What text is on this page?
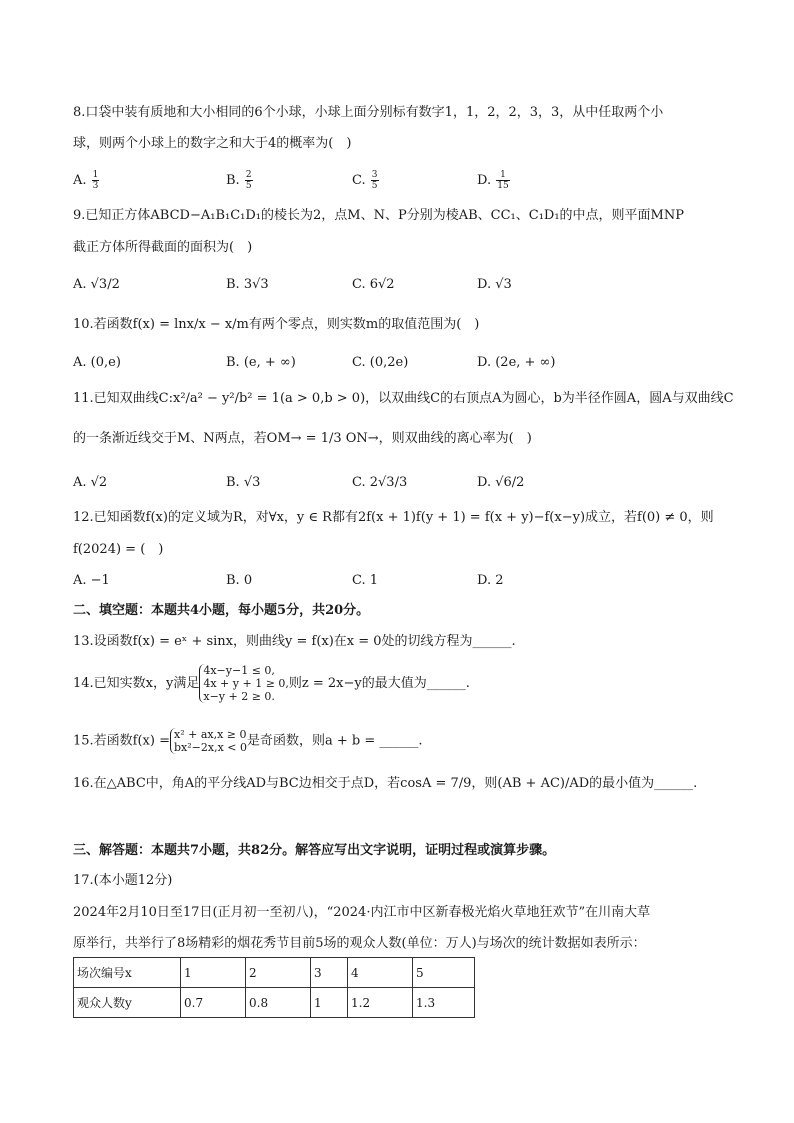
8.口袋中装有质地和大小相同的6个小球，小球上面分别标有数字1，1，2，2，3，3，从中任取两个小
球，则两个小球上的数字之和大于4的概率为(　)
A. $\frac{1}{3}$	B. $\frac{2}{5}$	C. $\frac{3}{5}$	D. $\frac{1}{15}$
9.已知正方体ABCD−A₁B₁C₁D₁的棱长为2，点M、N、P分别为棱AB、CC₁、C₁D₁的中点，则平面MNP
截正方体所得截面的面积为(　)
A. √3/2	B. 3√3	C. 6√2	D. √3
10.若函数f(x) = lnx/x − x/m有两个零点，则实数m的取值范围为(　)
A. (0,e)	B. (e, + ∞)	C. (0,2e)	D. (2e, + ∞)
11.已知双曲线C:x²/a² − y²/b² = 1(a > 0,b > 0)，以双曲线C的右顶点A为圆心，b为半径作圆A，圆A与双曲线C
的一条渐近线交于M、N两点，若OM→ = 1/3 ON→，则双曲线的离心率为(　)
A. √2	B. √3	C. 2√3/3	D. √6/2
12.已知函数f(x)的定义域为R，对∀x，y ∈ R都有2f(x + 1)f(y + 1) = f(x + y)−f(x−y)成立，若f(0) ≠ 0，则
f(2024) = (　)
A. −1	B. 0	C. 1	D. 2
二、填空题：本题共4小题，每小题5分，共20分。
13.设函数f(x) = eˣ + sinx，则曲线y = f(x)在x = 0处的切线方程为______.
14.已知实数x，y满足
4x−y−1 ≤ 0,
4x + y + 1 ≥ 0,
x−y + 2 ≥ 0.
则z = 2x−y的最大值为______.
15.若函数f(x) = x² + ax,x ≥ 0
bx²−2x,x < 0 是奇函数，则a + b = ______.
16.在△ABC中，角A的平分线AD与BC边相交于点D，若cosA = 7/9，则(AB + AC)/AD的最小值为______.
三、解答题：本题共7小题，共82分。解答应写出文字说明，证明过程或演算步骤。
17.(本小题12分)
2024年2月10日至17日(正月初一至初八)，“2024·内江市中区新春极光焰火草地狂欢节”在川南大草
原举行，共举行了8场精彩的烟花秀节目前5场的观众人数(单位：万人)与场次的统计数据如表所示：
场次编号x	1	2	3	4	5
观众人数y	0.7	0.8	1	1.2	1.3
